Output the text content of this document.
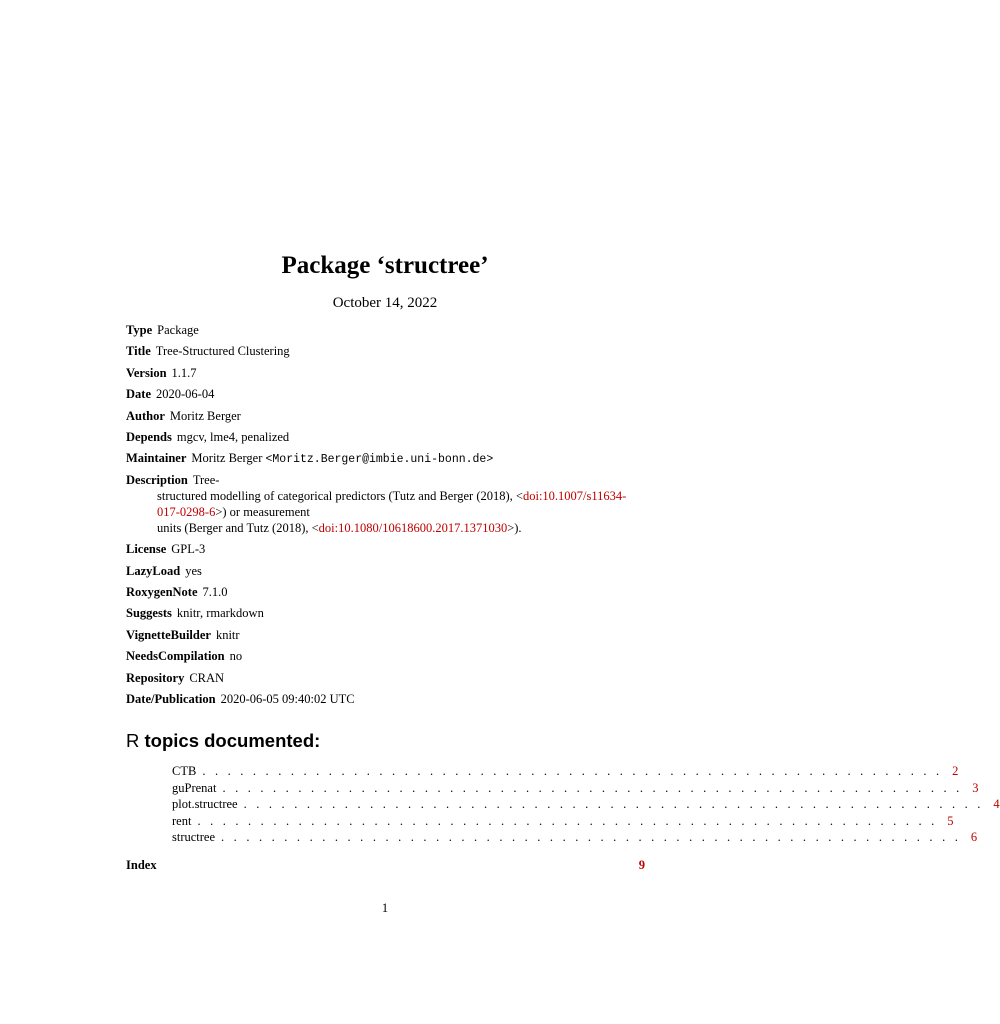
Package ‘structree’
October 14, 2022
Type Package
Title Tree-Structured Clustering
Version 1.1.7
Date 2020-06-04
Author Moritz Berger
Depends mgcv, lme4, penalized
Maintainer Moritz Berger <Moritz.Berger@imbie.uni-bonn.de>
Description Tree-
structured modelling of categorical predictors (Tutz and Berger (2018), <doi:10.1007/s11634-
017-0298-6>) or measurement
units (Berger and Tutz (2018), <doi:10.1080/10618600.2017.1371030>).
License GPL-3
LazyLoad yes
RoxygenNote 7.1.0
Suggests knitr, rmarkdown
VignetteBuilder knitr
NeedsCompilation no
Repository CRAN
Date/Publication 2020-06-05 09:40:02 UTC
R topics documented:
CTB . . . . . . . . . . . . . . . . . . . . . . . . . . . . . . . . . . . . . . . . . . . . . . . . . . . . . . . . . . . 2
guPrenat . . . . . . . . . . . . . . . . . . . . . . . . . . . . . . . . . . . . . . . . . . . . . . . . . . . . . . . . . . . 3
plot.structree . . . . . . . . . . . . . . . . . . . . . . . . . . . . . . . . . . . . . . . . . . . . . . . . . . . . . . . . . . . 4
rent . . . . . . . . . . . . . . . . . . . . . . . . . . . . . . . . . . . . . . . . . . . . . . . . . . . . . . . . . . . 5
structree . . . . . . . . . . . . . . . . . . . . . . . . . . . . . . . . . . . . . . . . . . . . . . . . . . . . . . . . . . . 6
Index	9
1
